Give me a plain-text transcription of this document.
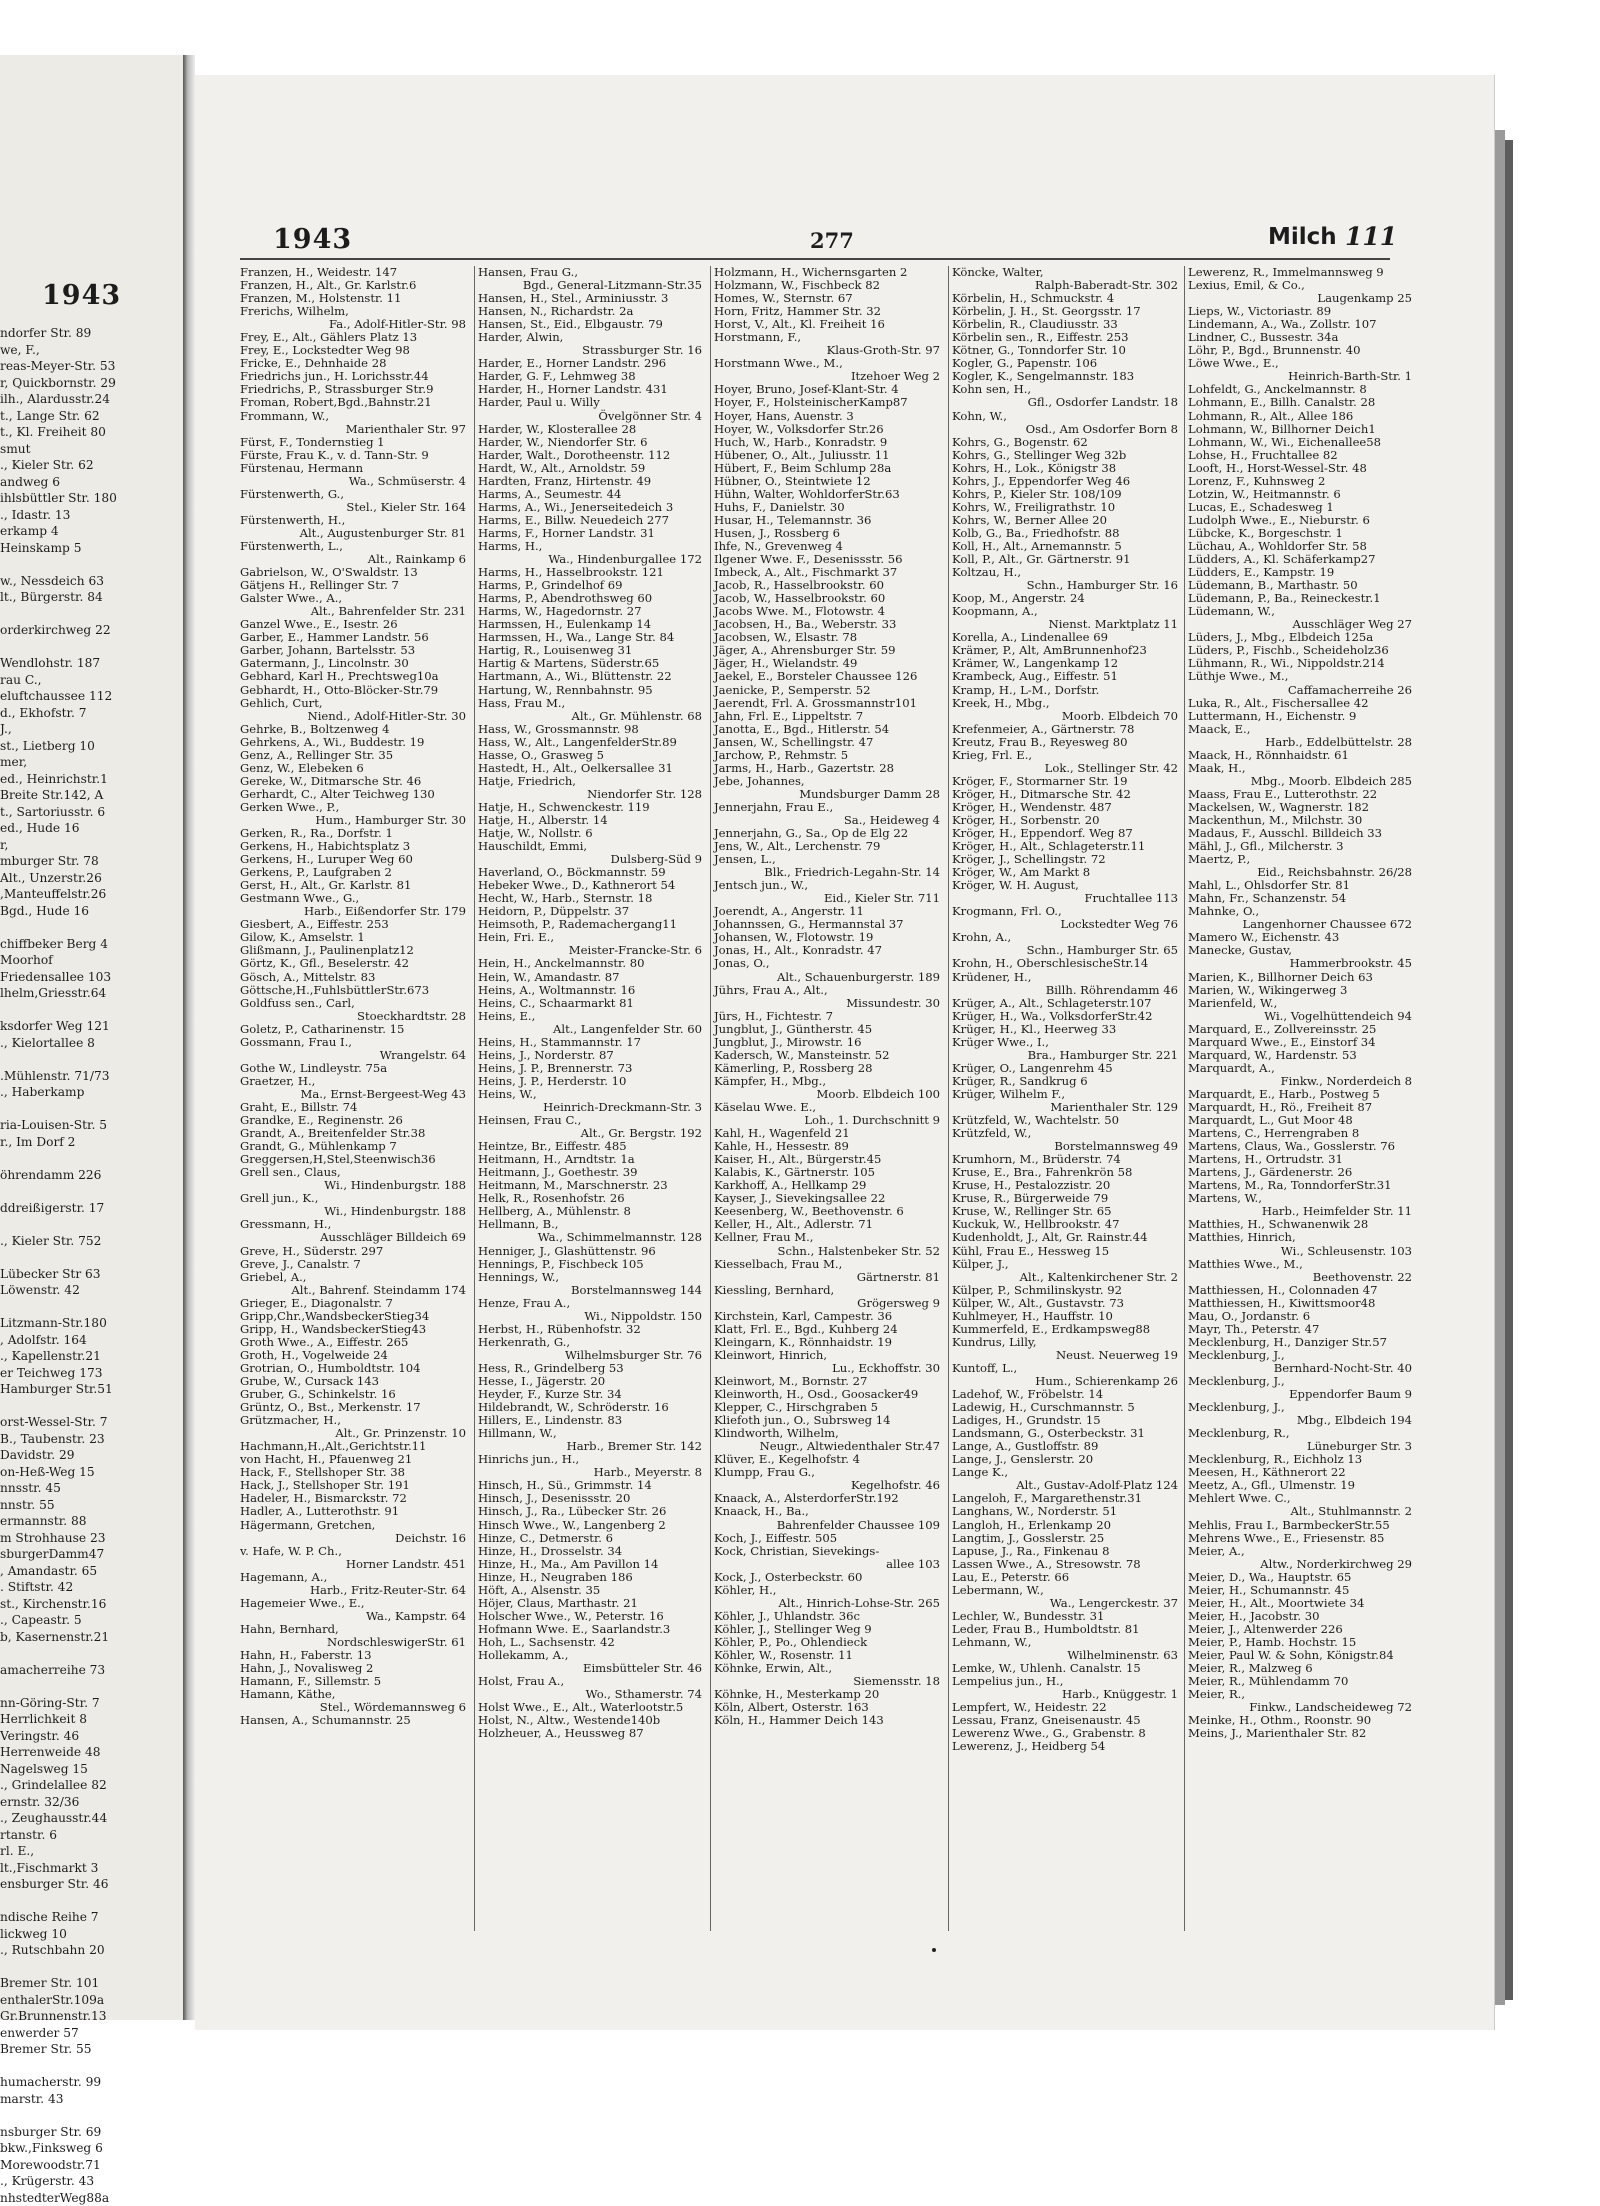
1943
ndorfer Str. 89
we, F.,
reas-Meyer-Str. 53
r, Quickbornstr. 29
ilh., Alardusstr.24
t., Lange Str. 62
t., Kl. Freiheit 80
smut
., Kieler Str. 62
andweg 6
ihlsbüttler Str. 180
., Idastr. 13
erkamp 4
Heinskamp 5

w., Nessdeich 63
lt., Bürgerstr. 84

orderkirchweg 22

Wendlohstr. 187
rau C.,
eluftchaussee 112
d., Ekhofstr. 7
J.,
st., Lietberg 10
mer,
ed., Heinrichstr.1
Breite Str.142, A
t., Sartoriusstr. 6
ed., Hude 16
r,
mburger Str. 78
Alt., Unzerstr.26
,Manteuffelstr.26
Bgd., Hude 16

chiffbeker Berg 4
Moorhof
Friedensallee 103
lhelm,Griesstr.64

ksdorfer Weg 121
., Kielortallee 8

.Mühlenstr. 71/73
., Haberkamp

ria-Louisen-Str. 5
r., Im Dorf 2

öhrendamm 226

ddreißigerstr. 17

., Kieler Str. 752

Lübecker Str 63
Löwenstr. 42

Litzmann-Str.180
, Adolfstr. 164
., Kapellenstr.21
er Teichweg 173
Hamburger Str.51

orst-Wessel-Str. 7
B., Taubenstr. 23
Davidstr. 29
on-Heß-Weg 15
nnsstr. 45
nnstr. 55
ermannstr. 88
m Strohhause 23
sburgerDamm47
, Amandastr. 65
. Stiftstr. 42
st., Kirchenstr.16
., Capeastr. 5
b, Kasernenstr.21

amacherreihe 73

nn-Göring-Str. 7
Herrlichkeit 8
Veringstr. 46
Herrenweide 48
Nagelsweg 15
., Grindelallee 82
ernstr. 32/36
., Zeughausstr.44
rtanstr. 6
rl. E.,
lt.,Fischmarkt 3
ensburger Str. 46

ndische Reihe 7
lickweg 10
., Rutschbahn 20

Bremer Str. 101
enthalerStr.109a
Gr.Brunnenstr.13
enwerder 57
Bremer Str. 55

humacherstr. 99
marstr. 43

nsburger Str. 69
bkw.,Finksweg 6
Morewoodstr.71
., Krügerstr. 43
nhstedterWeg88a
1943	277	Milch 111
Franzen, H., Weidestr. 147
Franzen, H., Alt., Gr. Karlstr.6
Franzen, M., Holstenstr. 11
Frerichs, Wilhelm,
Fa., Adolf-Hitler-Str. 98
Frey, E., Alt., Gählers Platz 13
Frey, E., Lockstedter Weg 98
Fricke, E., Dehnhaide 28
Friedrichs jun., H. Lorichsstr.44
Friedrichs, P., Strassburger Str.9
Froman, Robert,Bgd.,Bahnstr.21
Frommann, W.,
Marienthaler Str. 97
Fürst, F., Tondernstieg 1
Fürste, Frau K., v. d. Tann-Str. 9
Fürstenau, Hermann
Wa., Schmüserstr. 4
Fürstenwerth, G.,
Stel., Kieler Str. 164
Fürstenwerth, H.,
Alt., Augustenburger Str. 81
Fürstenwerth, L.,
Alt., Rainkamp 6
Gabrielson, W., O'Swaldstr. 13
Gätjens H., Rellinger Str. 7
Galster Wwe., A.,
Alt., Bahrenfelder Str. 231
Ganzel Wwe., E., Isestr. 26
Garber, E., Hammer Landstr. 56
Garber, Johann, Bartelsstr. 53
Gatermann, J., Lincolnstr. 30
Gebhard, Karl H., Prechtsweg10a
Gebhardt, H., Otto-Blöcker-Str.79
Gehlich, Curt,
Niend., Adolf-Hitler-Str. 30
Gehrke, B., Boltzenweg 4
Gehrkens, A., Wi., Buddestr. 19
Genz, A., Rellinger Str. 35
Genz, W., Elebeken 6
Gereke, W., Ditmarsche Str. 46
Gerhardt, C., Alter Teichweg 130
Gerken Wwe., P.,
Hum., Hamburger Str. 30
Gerken, R., Ra., Dorfstr. 1
Gerkens, H., Habichtsplatz 3
Gerkens, H., Luruper Weg 60
Gerkens, P., Laufgraben 2
Gerst, H., Alt., Gr. Karlstr. 81
Gestmann Wwe., G.,
Harb., Eißendorfer Str. 179
Giesbert, A., Eiffestr. 253
Gilow, K., Amselstr. 1
Glißmann, J., Paulinenplatz12
Görtz, K., Gfl., Beselerstr. 42
Gösch, A., Mittelstr. 83
Göttsche,H.,FuhlsbüttlerStr.673
Goldfuss sen., Carl,
Stoeckhardtstr. 28
Goletz, P., Catharinenstr. 15
Gossmann, Frau I.,
Wrangelstr. 64
Gothe W., Lindleystr. 75a
Graetzer, H.,
Ma., Ernst-Bergeest-Weg 43
Graht, E., Billstr. 74
Grandke, E., Reginenstr. 26
Grandt, A., Breitenfelder Str.38
Grandt, G., Mühlenkamp 7
Greggersen,H,Stel,Steenwisch36
Grell sen., Claus,
Wi., Hindenburgstr. 188
Grell jun., K.,
Wi., Hindenburgstr. 188
Gressmann, H.,
Ausschläger Billdeich 69
Greve, H., Süderstr. 297
Greve, J., Canalstr. 7
Griebel, A.,
Alt., Bahrenf. Steindamm 174
Grieger, E., Diagonalstr. 7
Gripp,Chr.,WandsbeckerStieg34
Gripp, H., WandsbeckerStieg43
Groth Wwe., A., Eiffestr. 265
Groth, H., Vogelweide 24
Grotrian, O., Humboldtstr. 104
Grube, W., Cursack 143
Gruber, G., Schinkelstr. 16
Grüntz, O., Bst., Merkenstr. 17
Grützmacher, H.,
Alt., Gr. Prinzenstr. 10
Hachmann,H.,Alt.,Gerichtstr.11
von Hacht, H., Pfauenweg 21
Hack, F., Stellshoper Str. 38
Hack, J., Stellshoper Str. 191
Hadeler, H., Bismarckstr. 72
Hadler, A., Lutterothstr. 91
Hägermann, Gretchen,
Deichstr. 16
v. Hafe, W. P. Ch.,
Horner Landstr. 451
Hagemann, A.,
Harb., Fritz-Reuter-Str. 64
Hagemeier Wwe., E.,
Wa., Kampstr. 64
Hahn, Bernhard,
NordschleswigerStr. 61
Hahn, H., Faberstr. 13
Hahn, J., Novalisweg 2
Hamann, F., Sillemstr. 5
Hamann, Käthe,
Stel., Wördemannsweg 6
Hansen, A., Schumannstr. 25
Hansen, Frau G.,
Bgd., General-Litzmann-Str.35
Hansen, H., Stel., Arminiusstr. 3
Hansen, N., Richardstr. 2a
Hansen, St., Eid., Elbgaustr. 79
Harder, Alwin,
Strassburger Str. 16
Harder, E., Horner Landstr. 296
Harder, G. F., Lehmweg 38
Harder, H., Horner Landstr. 431
Harder, Paul u. Willy
Övelgönner Str. 4
Harder, W., Klosterallee 28
Harder, W., Niendorfer Str. 6
Harder, Walt., Dorotheenstr. 112
Hardt, W., Alt., Arnoldstr. 59
Hardten, Franz, Hirtenstr. 49
Harms, A., Seumestr. 44
Harms, A., Wi., Jenerseitedeich 3
Harms, E., Billw. Neuedeich 277
Harms, F., Horner Landstr. 31
Harms, H.,
Wa., Hindenburgallee 172
Harms, H., Hasselbrookstr. 121
Harms, P., Grindelhof 69
Harms, P., Abendrothsweg 60
Harms, W., Hagedornstr. 27
Harmssen, H., Eulenkamp 14
Harmssen, H., Wa., Lange Str. 84
Hartig, R., Louisenweg 31
Hartig & Martens, Süderstr.65
Hartmann, A., Wi., Blüttenstr. 22
Hartung, W., Rennbahnstr. 95
Hass, Frau M.,
Alt., Gr. Mühlenstr. 68
Hass, W., Grossmannstr. 98
Hass, W., Alt., LangenfelderStr.89
Hasse, O., Grasweg 5
Hastedt, H., Alt., Oelkersallee 31
Hatje, Friedrich,
Niendorfer Str. 128
Hatje, H., Schwenckestr. 119
Hatje, H., Alberstr. 14
Hatje, W., Nollstr. 6
Hauschildt, Emmi,
Dulsberg-Süd 9
Haverland, O., Böckmannstr. 59
Hebeker Wwe., D., Kathnerort 54
Hecht, W., Harb., Sternstr. 18
Heidorn, P., Düppelstr. 37
Heimsoth, P., Rademachergang11
Hein, Fri. E.,
Meister-Francke-Str. 6
Hein, H., Anckelmannstr. 80
Hein, W., Amandastr. 87
Heins, A., Woltmannstr. 16
Heins, C., Schaarmarkt 81
Heins, E.,
Alt., Langenfelder Str. 60
Heins, H., Stammannstr. 17
Heins, J., Norderstr. 87
Heins, J. P., Brennerstr. 73
Heins, J. P., Herderstr. 10
Heins, W.,
Heinrich-Dreckmann-Str. 3
Heinsen, Frau C.,
Alt., Gr. Bergstr. 192
Heintze, Br., Eiffestr. 485
Heitmann, H., Arndtstr. 1a
Heitmann, J., Goethestr. 39
Heitmann, M., Marschnerstr. 23
Helk, R., Rosenhofstr. 26
Hellberg, A., Mühlenstr. 8
Hellmann, B.,
Wa., Schimmelmannstr. 128
Henniger, J., Glashüttenstr. 96
Hennings, P., Fischbeck 105
Hennings, W.,
Borstelmannsweg 144
Henze, Frau A.,
Wi., Nippoldstr. 150
Herbst, H., Rübenhofstr. 32
Herkenrath, G.,
Wilhelmsburger Str. 76
Hess, R., Grindelberg 53
Hesse, I., Jägerstr. 20
Heyder, F., Kurze Str. 34
Hildebrandt, W., Schröderstr. 16
Hillers, E., Lindenstr. 83
Hillmann, W.,
Harb., Bremer Str. 142
Hinrichs jun., H.,
Harb., Meyerstr. 8
Hinsch, H., Sü., Grimmstr. 14
Hinsch, J., Desenissstr. 20
Hinsch, J., Ra., Lübecker Str. 26
Hinsch Wwe., W., Langenberg 2
Hinze, C., Detmerstr. 6
Hinze, H., Drosselstr. 34
Hinze, H., Ma., Am Pavillon 14
Hinze, H., Neugraben 186
Höft, A., Alsenstr. 35
Höjer, Claus, Marthastr. 21
Holscher Wwe., W., Peterstr. 16
Hofmann Wwe. E., Saarlandstr.3
Hoh, L., Sachsenstr. 42
Hollekamm, A.,
Eimsbütteler Str. 46
Holst, Frau A.,
Wo., Sthamerstr. 74
Holst Wwe., E., Alt., Waterlootstr.5
Holst, N., Altw., Westende140b
Holzheuer, A., Heussweg 87
Holzmann, H., Wichernsgarten 2
Holzmann, W., Fischbeck 82
Homes, W., Sternstr. 67
Horn, Fritz, Hammer Str. 32
Horst, V., Alt., Kl. Freiheit 16
Horstmann, F.,
Klaus-Groth-Str. 97
Horstmann Wwe., M.,
Itzehoer Weg 2
Hoyer, Bruno, Josef-Klant-Str. 4
Hoyer, F., HolsteinischerKamp87
Hoyer, Hans, Auenstr. 3
Hoyer, W., Volksdorfer Str.26
Huch, W., Harb., Konradstr. 9
Hübener, O., Alt., Juliusstr. 11
Hübert, F., Beim Schlump 28a
Hübner, O., Steintwiete 12
Hühn, Walter, WohldorferStr.63
Huhs, F., Danielstr. 30
Husar, H., Telemannstr. 36
Husen, J., Rossberg 6
Ihfe, N., Grevenweg 4
Ilgener Wwe. F., Desenissstr. 56
Imbeck, A., Alt., Fischmarkt 37
Jacob, R., Hasselbrookstr. 60
Jacob, W., Hasselbrookstr. 60
Jacobs Wwe. M., Flotowstr. 4
Jacobsen, H., Ba., Weberstr. 33
Jacobsen, W., Elsastr. 78
Jäger, A., Ahrensburger Str. 59
Jäger, H., Wielandstr. 49
Jaekel, E., Borsteler Chaussee 126
Jaenicke, P., Semperstr. 52
Jaerendt, Frl. A. Grossmannstr101
Jahn, Frl. E., Lippeltstr. 7
Janotta, E., Bgd., Hitlerstr. 54
Jansen, W., Schellingstr. 47
Jarchow, P., Rehmstr. 5
Jarms, H., Harb., Gazertstr. 28
Jebe, Johannes,
Mundsburger Damm 28
Jennerjahn, Frau E.,
Sa., Heideweg 4
Jennerjahn, G., Sa., Op de Elg 22
Jens, W., Alt., Lerchenstr. 79
Jensen, L.,
Blk., Friedrich-Legahn-Str. 14
Jentsch jun., W.,
Eid., Kieler Str. 711
Joerendt, A., Angerstr. 11
Johannssen, G., Hermannstal 37
Johansen, W., Flotowstr. 19
Jonas, H., Alt., Konradstr. 47
Jonas, O.,
Alt., Schauenburgerstr. 189
Jührs, Frau A., Alt.,
Missundestr. 30
Jürs, H., Fichtestr. 7
Jungblut, J., Güntherstr. 45
Jungblut, J., Mirowstr. 16
Kadersch, W., Mansteinstr. 52
Kämerling, P., Rossberg 28
Kämpfer, H., Mbg.,
Moorb. Elbdeich 100
Käselau Wwe. E.,
Loh., 1. Durchschnitt 9
Kahl, H., Wagenfeld 21
Kahle, H., Hessestr. 89
Kaiser, H., Alt., Bürgerstr.45
Kalabis, K., Gärtnerstr. 105
Karkhoff, A., Hellkamp 29
Kayser, J., Sievekingsallee 22
Keesenberg, W., Beethovenstr. 6
Keller, H., Alt., Adlerstr. 71
Kellner, Frau M.,
Schn., Halstenbeker Str. 52
Kiesselbach, Frau M.,
Gärtnerstr. 81
Kiessling, Bernhard,
Grögersweg 9
Kirchstein, Karl, Campestr. 36
Klatt, Frl. E., Bgd., Kuhberg 24
Kleingarn, K., Rönnhaidstr. 19
Kleinwort, Hinrich,
Lu., Eckhoffstr. 30
Kleinwort, M., Bornstr. 27
Kleinworth, H., Osd., Goosacker49
Klepper, C., Hirschgraben 5
Kliefoth jun., O., Subrsweg 14
Klindworth, Wilhelm,
Neugr., Altwiedenthaler Str.47
Klüver, E., Kegelhofstr. 4
Klumpp, Frau G.,
Kegelhofstr. 46
Knaack, A., AlsterdorferStr.192
Knaack, H., Ba.,
Bahrenfelder Chaussee 109
Koch, J., Eiffestr. 505
Kock, Christian, Sievekings-
allee 103
Kock, J., Osterbeckstr. 60
Köhler, H.,
Alt., Hinrich-Lohse-Str. 265
Köhler, J., Uhlandstr. 36c
Köhler, J., Stellinger Weg 9
Köhler, P., Po., Ohlendieck
Köhler, W., Rosenstr. 11
Köhnke, Erwin, Alt.,
Siemensstr. 18
Köhnke, H., Mesterkamp 20
Köln, Albert, Osterstr. 163
Köln, H., Hammer Deich 143
Köncke, Walter,
Ralph-Baberadt-Str. 302
Körbelin, H., Schmuckstr. 4
Körbelin, J. H., St. Georgsstr. 17
Körbelin, R., Claudiusstr. 33
Körbelin sen., R., Eiffestr. 253
Kötner, G., Tonndorfer Str. 10
Kogler, G., Papenstr. 106
Kogler, K., Sengelmannstr. 183
Kohn sen, H.,
Gfl., Osdorfer Landstr. 18
Kohn, W.,
Osd., Am Osdorfer Born 8
Kohrs, G., Bogenstr. 62
Kohrs, G., Stellinger Weg 32b
Kohrs, H., Lok., Königstr 38
Kohrs, J., Eppendorfer Weg 46
Kohrs, P., Kieler Str. 108/109
Kohrs, W., Freiligrathstr. 10
Kohrs, W., Berner Allee 20
Kolb, G., Ba., Friedhofstr. 88
Koll, H., Alt., Arnemannstr. 5
Koll, P., Alt., Gr. Gärtnerstr. 91
Koltzau, H.,
Schn., Hamburger Str. 16
Koop, M., Angerstr. 24
Koopmann, A.,
Nienst. Marktplatz 11
Korella, A., Lindenallee 69
Krämer, P., Alt, AmBrunnenhof23
Krämer, W., Langenkamp 12
Krambeck, Aug., Eiffestr. 51
Kramp, H., L-M., Dorfstr.
Kreek, H., Mbg.,
Moorb. Elbdeich 70
Krefenmeier, A., Gärtnerstr. 78
Kreutz, Frau B., Reyesweg 80
Krieg, Frl. E.,
Lok., Stellinger Str. 42
Kröger, F., Stormarner Str. 19
Kröger, H., Ditmarsche Str. 42
Kröger, H., Wendenstr. 487
Kröger, H., Sorbenstr. 20
Kröger, H., Eppendorf. Weg 87
Kröger, H., Alt., Schlageterstr.11
Kröger, J., Schellingstr. 72
Kröger, W., Am Markt 8
Kröger, W. H. August,
Fruchtallee 113
Krogmann, Frl. O.,
Lockstedter Weg 76
Krohn, A.,
Schn., Hamburger Str. 65
Krohn, H., OberschlesischeStr.14
Krüdener, H.,
Billh. Röhrendamm 46
Krüger, A., Alt., Schlageterstr.107
Krüger, H., Wa., VolksdorferStr.42
Krüger, H., Kl., Heerweg 33
Krüger Wwe., I.,
Bra., Hamburger Str. 221
Krüger, O., Langenrehm 45
Krüger, R., Sandkrug 6
Krüger, Wilhelm F.,
Marienthaler Str. 129
Krützfeld, W., Wachtelstr. 50
Krützfeld, W.,
Borstelmannsweg 49
Krumhorn, M., Brüderstr. 74
Kruse, E., Bra., Fahrenkrön 58
Kruse, H., Pestalozzistr. 20
Kruse, R., Bürgerweide 79
Kruse, W., Rellinger Str. 65
Kuckuk, W., Hellbrookstr. 47
Kudenholdt, J., Alt, Gr. Rainstr.44
Kühl, Frau E., Hessweg 15
Külper, J.,
Alt., Kaltenkirchener Str. 2
Külper, P., Schmilinskystr. 92
Külper, W., Alt., Gustavstr. 73
Kuhlmeyer, H., Hauffstr. 10
Kummerfeld, E., Erdkampsweg88
Kundrus, Lilly,
Neust. Neuerweg 19
Kuntoff, L.,
Hum., Schierenkamp 26
Ladehof, W., Fröbelstr. 14
Ladewig, H., Curschmannstr. 5
Ladiges, H., Grundstr. 15
Landsmann, G., Osterbeckstr. 31
Lange, A., Gustloffstr. 89
Lange, J., Genslerstr. 20
Lange K.,
Alt., Gustav-Adolf-Platz 124
Langeloh, F., Margarethenstr.31
Langhans, W., Norderstr. 51
Langloh, H., Erlenkamp 20
Langtim, J., Gosslerstr. 25
Lapuse, J., Ra., Finkenau 8
Lassen Wwe., A., Stresowstr. 78
Lau, E., Peterstr. 66
Lebermann, W.,
Wa., Lengerckestr. 37
Lechler, W., Bundesstr. 31
Leder, Frau B., Humboldtstr. 81
Lehmann, W.,
Wilhelminenstr. 63
Lemke, W., Uhlenh. Canalstr. 15
Lempelius jun., H.,
Harb., Knüggestr. 1
Lempfert, W., Heidestr. 22
Lessau, Franz, Gneisenaustr. 45
Lewerenz Wwe., G., Grabenstr. 8
Lewerenz, J., Heidberg 54
Lewerenz, R., Immelmannsweg 9
Lexius, Emil, & Co.,
Laugenkamp 25
Lieps, W., Victoriastr. 89
Lindemann, A., Wa., Zollstr. 107
Lindner, C., Bussestr. 34a
Löhr, P., Bgd., Brunnenstr. 40
Löwe Wwe., E.,
Heinrich-Barth-Str. 1
Lohfeldt, G., Anckelmannstr. 8
Lohmann, E., Billh. Canalstr. 28
Lohmann, R., Alt., Allee 186
Lohmann, W., Billhorner Deich1
Lohmann, W., Wi., Eichenallee58
Lohse, H., Fruchtallee 82
Looft, H., Horst-Wessel-Str. 48
Lorenz, F., Kuhnsweg 2
Lotzin, W., Heitmannstr. 6
Lucas, E., Schadesweg 1
Ludolph Wwe., E., Nieburstr. 6
Lübcke, K., Borgeschstr. 1
Lüchau, A., Wohldorfer Str. 58
Lüdders, A., Kl. Schäferkamp27
Lüdders, E., Kampstr. 19
Lüdemann, B., Marthastr. 50
Lüdemann, P., Ba., Reineckestr.1
Lüdemann, W.,
Ausschläger Weg 27
Lüders, J., Mbg., Elbdeich 125a
Lüders, P., Fischb., Scheideholz36
Lühmann, R., Wi., Nippoldstr.214
Lüthje Wwe., M.,
Caffamacherreihe 26
Luka, R., Alt., Fischersallee 42
Luttermann, H., Eichenstr. 9
Maack, E.,
Harb., Eddelbüttelstr. 28
Maack, H., Rönnhaidstr. 61
Maak, H.,
Mbg., Moorb. Elbdeich 285
Maass, Frau E., Lutterothstr. 22
Mackelsen, W., Wagnerstr. 182
Mackenthun, M., Milchstr. 30
Madaus, F., Ausschl. Billdeich 33
Mähl, J., Gfl., Milcherstr. 3
Maertz, P.,
Eid., Reichsbahnstr. 26/28
Mahl, L., Ohlsdorfer Str. 81
Mahn, Fr., Schanzenstr. 54
Mahnke, O.,
Langenhorner Chaussee 672
Mamero W., Eichenstr. 43
Manecke, Gustav,
Hammerbrookstr. 45
Marien, K., Billhorner Deich 63
Marien, W., Wikingerweg 3
Marienfeld, W.,
Wi., Vogelhüttendeich 94
Marquard, E., Zollvereinsstr. 25
Marquard Wwe., E., Einstorf 34
Marquard, W., Hardenstr. 53
Marquardt, A.,
Finkw., Norderdeich 8
Marquardt, E., Harb., Postweg 5
Marquardt, H., Rö., Freiheit 87
Marquardt, L., Gut Moor 48
Martens, C., Herrengraben 8
Martens, Claus, Wa., Gosslerstr. 76
Martens, H., Ortrudstr. 31
Martens, J., Gärdenerstr. 26
Martens, M., Ra, TonndorferStr.31
Martens, W.,
Harb., Heimfelder Str. 11
Matthies, H., Schwanenwik 28
Matthies, Hinrich,
Wi., Schleusenstr. 103
Matthies Wwe., M.,
Beethovenstr. 22
Matthiessen, H., Colonnaden 47
Matthiessen, H., Kiwittsmoor48
Mau, O., Jordanstr. 6
Mayr, Th., Peterstr. 47
Mecklenburg, H., Danziger Str.57
Mecklenburg, J.,
Bernhard-Nocht-Str. 40
Mecklenburg, J.,
Eppendorfer Baum 9
Mecklenburg, J.,
Mbg., Elbdeich 194
Mecklenburg, R.,
Lüneburger Str. 3
Mecklenburg, R., Eichholz 13
Meesen, H., Käthnerort 22
Meetz, A., Gfl., Ulmenstr. 19
Mehlert Wwe. C.,
Alt., Stuhlmannstr. 2
Mehlis, Frau I., BarmbeckerStr.55
Mehrens Wwe., E., Friesenstr. 85
Meier, A.,
Altw., Norderkirchweg 29
Meier, D., Wa., Hauptstr. 65
Meier, H., Schumannstr. 45
Meier, H., Alt., Moortwiete 34
Meier, H., Jacobstr. 30
Meier, J., Altenwerder 226
Meier, P., Hamb. Hochstr. 15
Meier, Paul W. & Sohn, Königstr.84
Meier, R., Malzweg 6
Meier, R., Mühlendamm 70
Meier, R.,
Finkw., Landscheideweg 72
Meinke, H., Othm., Roonstr. 90
Meins, J., Marienthaler Str. 82
